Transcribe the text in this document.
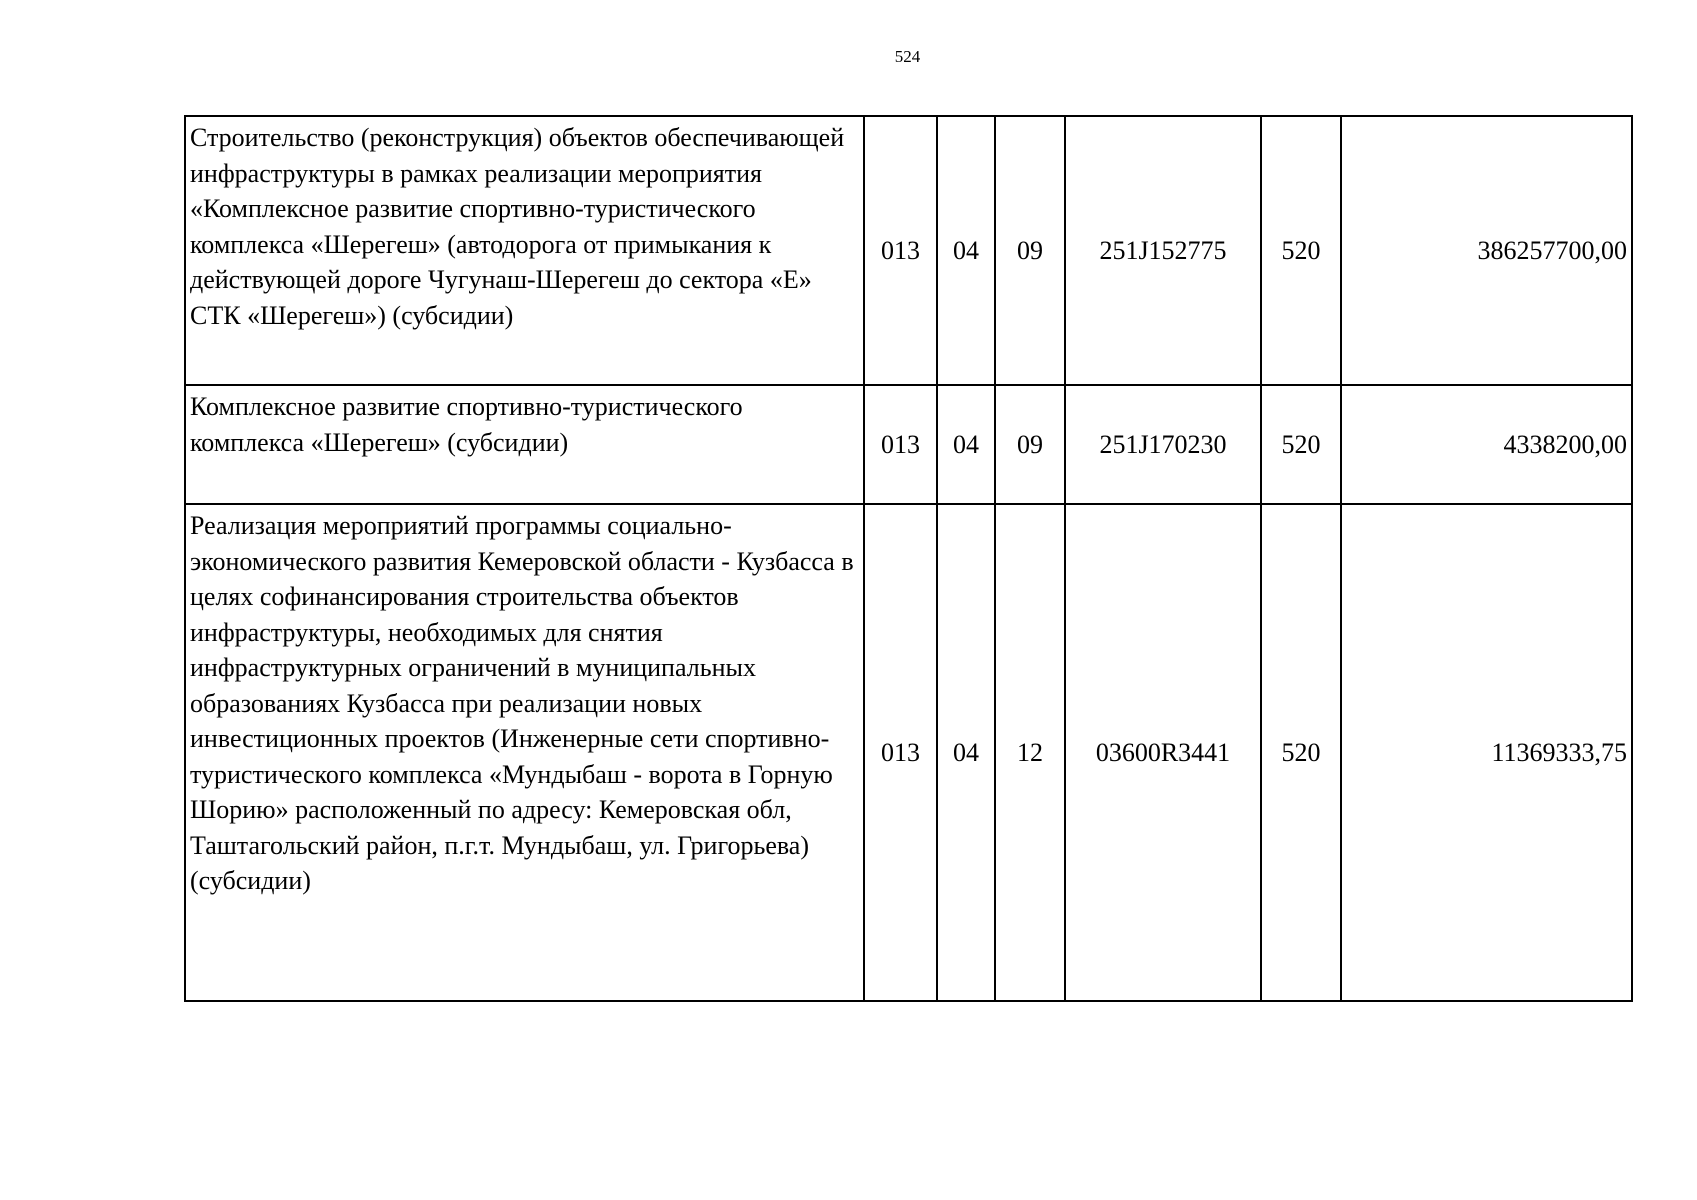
524
Строительство (реконструкция) объектов обеспечивающей инфраструктуры в рамках реализации мероприятия «Комплексное развитие спортивно-туристического комплекса «Шерегеш» (автодорога от примыкания к действующей дороге Чугунаш-Шерегеш до сектора «Е» СТК «Шерегеш») (субсидии)	013	04	09	251J152775	520	386257700,00
Комплексное развитие спортивно-туристического комплекса «Шерегеш» (субсидии)	013	04	09	251J170230	520	4338200,00
Реализация мероприятий программы социально-экономического развития Кемеровской области - Кузбасса в целях софинансирования строительства объектов инфраструктуры, необходимых для снятия инфраструктурных ограничений в муниципальных образованиях Кузбасса при реализации новых инвестиционных проектов (Инженерные сети спортивно-туристического комплекса «Мундыбаш - ворота в Горную Шорию» расположенный по адресу: Кемеровская обл, Таштагольский район, п.г.т. Мундыбаш, ул. Григорьева) (субсидии)	013	04	12	03600R3441	520	11369333,75
